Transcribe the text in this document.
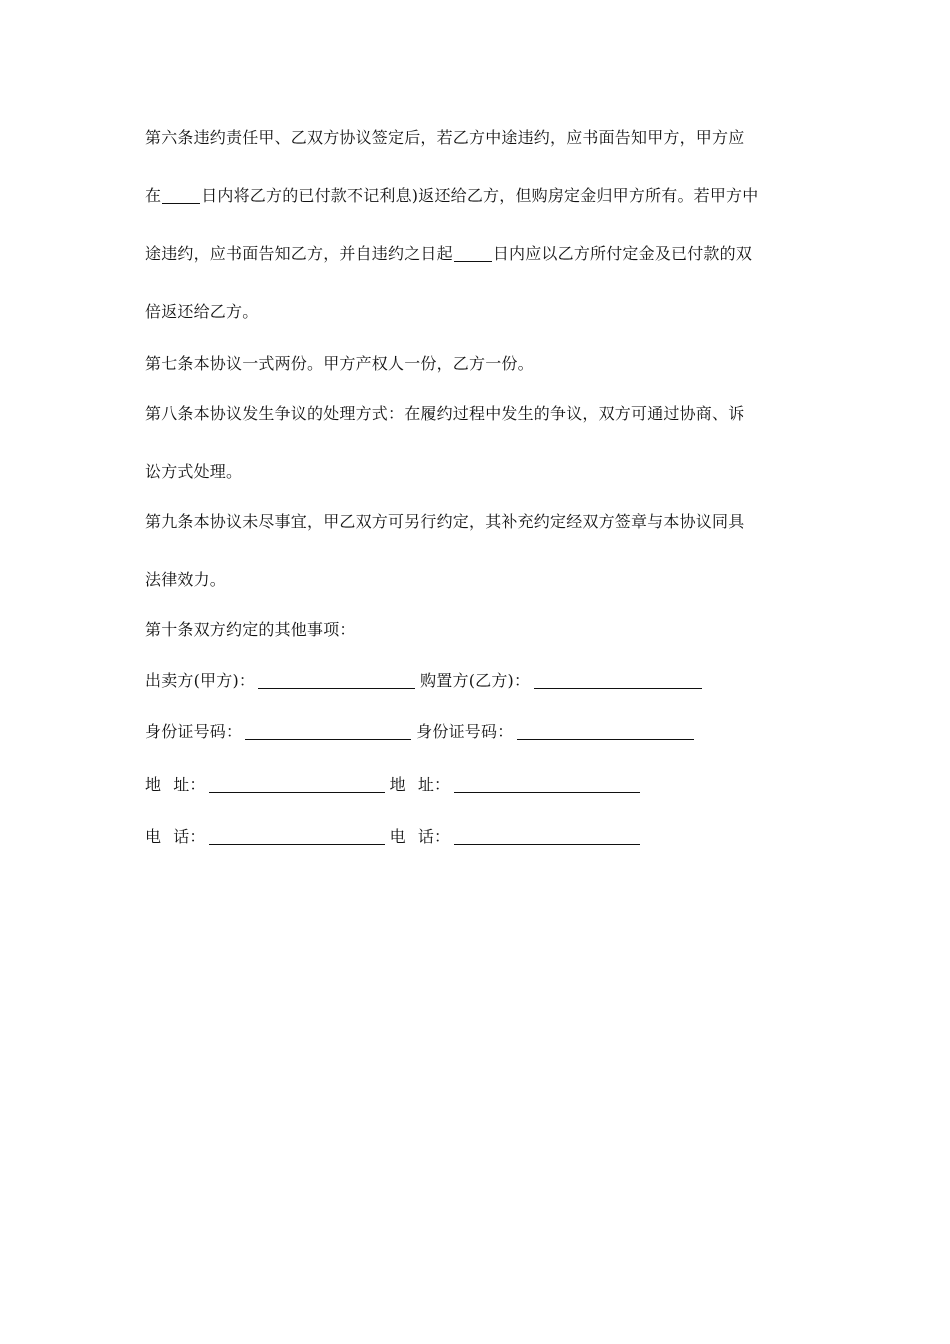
第六条违约责任甲、乙双方协议签定后，若乙方中途违约，应书面告知甲方，甲方应
在	日内将乙方的已付款不记利息)返还给乙方，但购房定金归甲方所有。若甲方中
途违约，应书面告知乙方，并自违约之日起	日内应以乙方所付定金及已付款的双
倍返还给乙方。
第七条本协议一式两份。甲方产权人一份，乙方一份。
第八条本协议发生争议的处理方式：在履约过程中发生的争议，双方可通过协商、诉
讼方式处理。
第九条本协议未尽事宜，甲乙双方可另行约定，其补充约定经双方签章与本协议同具
法律效力。
第十条双方约定的其他事项：
出卖方(甲方)：	购置方(乙方)：
身份证号码：	身份证号码：
地 址：	地 址：
电 话：	电 话：
